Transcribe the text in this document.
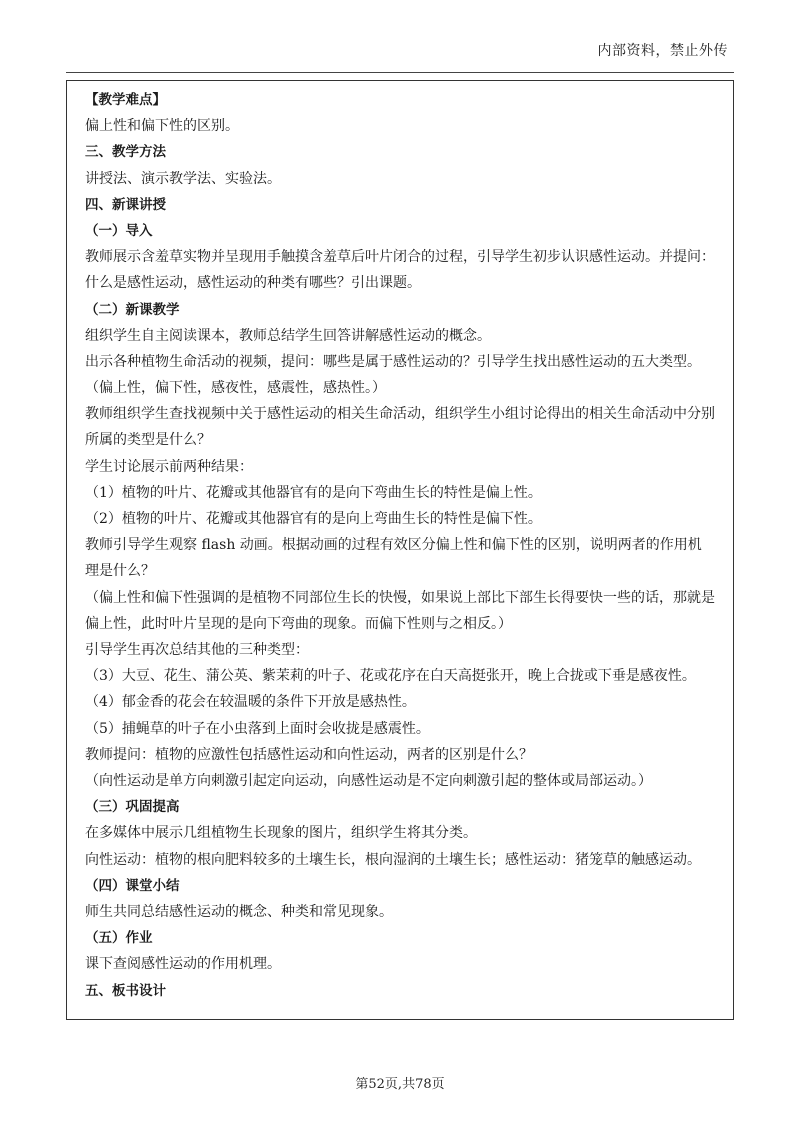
内部资料，禁止外传
【教学难点】
偏上性和偏下性的区别。
三、教学方法
讲授法、演示教学法、实验法。
四、新课讲授
（一）导入
教师展示含羞草实物并呈现用手触摸含羞草后叶片闭合的过程，引导学生初步认识感性运动。并提问：什么是感性运动，感性运动的种类有哪些？引出课题。
（二）新课教学
组织学生自主阅读课本，教师总结学生回答讲解感性运动的概念。
出示各种植物生命活动的视频，提问：哪些是属于感性运动的？引导学生找出感性运动的五大类型。
（偏上性，偏下性，感夜性，感震性，感热性。）
教师组织学生查找视频中关于感性运动的相关生命活动，组织学生小组讨论得出的相关生命活动中分别所属的类型是什么？
学生讨论展示前两种结果：
（1）植物的叶片、花瓣或其他器官有的是向下弯曲生长的特性是偏上性。
（2）植物的叶片、花瓣或其他器官有的是向上弯曲生长的特性是偏下性。
教师引导学生观察 flash 动画。根据动画的过程有效区分偏上性和偏下性的区别，说明两者的作用机理是什么？
（偏上性和偏下性强调的是植物不同部位生长的快慢，如果说上部比下部生长得要快一些的话，那就是偏上性，此时叶片呈现的是向下弯曲的现象。而偏下性则与之相反。）
引导学生再次总结其他的三种类型：
（3）大豆、花生、蒲公英、紫茉莉的叶子、花或花序在白天高挺张开，晚上合拢或下垂是感夜性。
（4）郁金香的花会在较温暖的条件下开放是感热性。
（5）捕蝇草的叶子在小虫落到上面时会收拢是感震性。
教师提问：植物的应激性包括感性运动和向性运动，两者的区别是什么？
（向性运动是单方向刺激引起定向运动，向感性运动是不定向刺激引起的整体或局部运动。）
（三）巩固提高
在多媒体中展示几组植物生长现象的图片，组织学生将其分类。
向性运动：植物的根向肥料较多的土壤生长，根向湿润的土壤生长；感性运动：猪笼草的触感运动。
（四）课堂小结
师生共同总结感性运动的概念、种类和常见现象。
（五）作业
课下查阅感性运动的作用机理。
五、板书设计
第52页,共78页
